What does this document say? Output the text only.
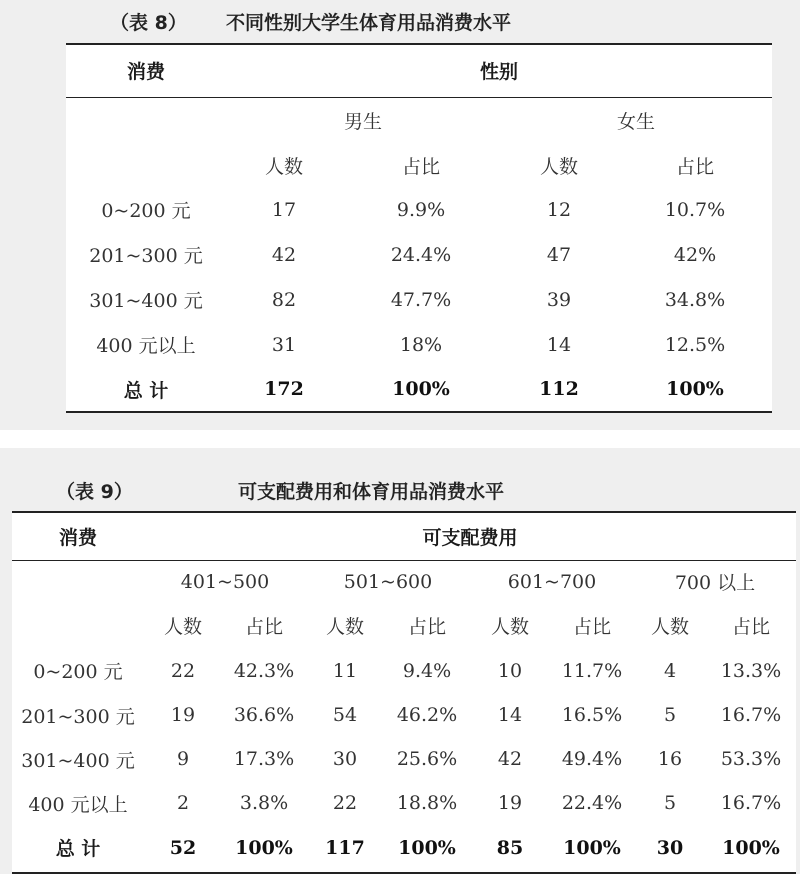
（表 8） 不同性别大学生体育用品消费水平
消费	性别			
	男生		女生	
	人数	占比	人数	占比
0~200 元	17	9.9%	12	10.7%
201~300 元	42	24.4%	47	42%
301~400 元	82	47.7%	39	34.8%
400 元以上	31	18%	14	12.5%
总 计	172	100%	112	100%
（表 9）	可支配费用和体育用品消费水平
消费	可支配费用							
	401~500		501~600		601~700		700 以上	
	人数	占比	人数	占比	人数	占比	人数	占比
0~200 元	22	42.3%	11	9.4%	10	11.7%	4	13.3%
201~300 元	19	36.6%	54	46.2%	14	16.5%	5	16.7%
301~400 元	9	17.3%	30	25.6%	42	49.4%	16	53.3%
400 元以上	2	3.8%	22	18.8%	19	22.4%	5	16.7%
总 计	52	100%	117	100%	85	100%	30	100%
